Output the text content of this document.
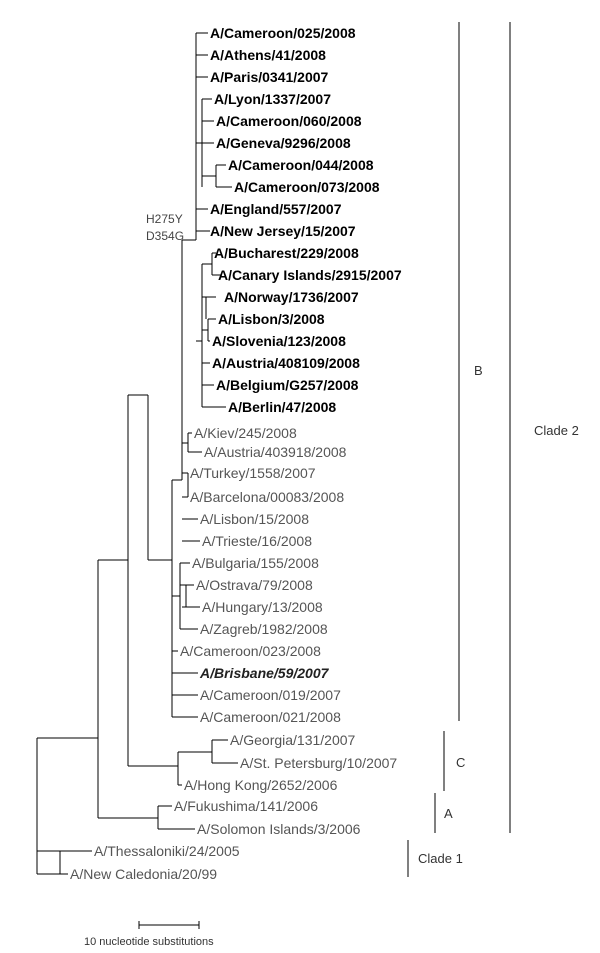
H275Y
D354G
A/Cameroon/025/2008
A/Athens/41/2008
A/Paris/0341/2007
A/Lyon/1337/2007
A/Cameroon/060/2008
A/Geneva/9296/2008
A/Cameroon/044/2008
A/Cameroon/073/2008
A/England/557/2007
A/New Jersey/15/2007
A/Bucharest/229/2008
A/Canary Islands/2915/2007
A/Norway/1736/2007
A/Lisbon/3/2008
A/Slovenia/123/2008
A/Austria/408109/2008
A/Belgium/G257/2008
A/Berlin/47/2008
A/Kiev/245/2008
A/Austria/403918/2008
A/Turkey/1558/2007
A/Barcelona/00083/2008
A/Lisbon/15/2008
A/Trieste/16/2008
A/Bulgaria/155/2008
A/Ostrava/79/2008
A/Hungary/13/2008
A/Zagreb/1982/2008
A/Cameroon/023/2008
A/Brisbane/59/2007
A/Cameroon/019/2007
A/Cameroon/021/2008
A/Georgia/131/2007
A/St. Petersburg/10/2007
A/Hong Kong/2652/2006
A/Fukushima/141/2006
A/Solomon Islands/3/2006
A/Thessaloniki/24/2005
A/New Caledonia/20/99
B
C
A
Clade 2
Clade 1
10 nucleotide substitutions
